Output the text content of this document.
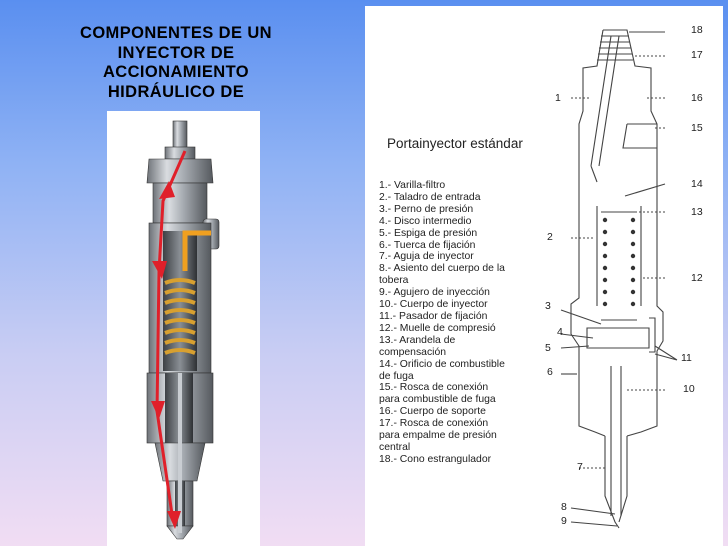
COMPONENTES DE UN
INYECTOR DE
ACCIONAMIENTO
HIDRÁULICO DE
Portainyector estándar
1.- Varilla-filtro
2.- Taladro de entrada
3.- Perno de presión
4.- Disco intermedio
5.- Espiga de presión
6.- Tuerca de fijación
7.- Aguja de inyector
8.- Asiento del cuerpo de la
tobera
9.- Agujero de inyección
10.- Cuerpo de inyector
11.- Pasador de fijación
12.- Muelle de compresió
13.- Arandela de
compensación
14.- Orificio de combustible
de fuga
15.- Rosca de conexión
para combustible de fuga
16.- Cuerpo de soporte
17.- Rosca de conexión
para empalme de presión
central
18.- Cono estrangulador
18
17
1	16
15
14
13
2
12
3
4
5
11
6
10
7
8
9
